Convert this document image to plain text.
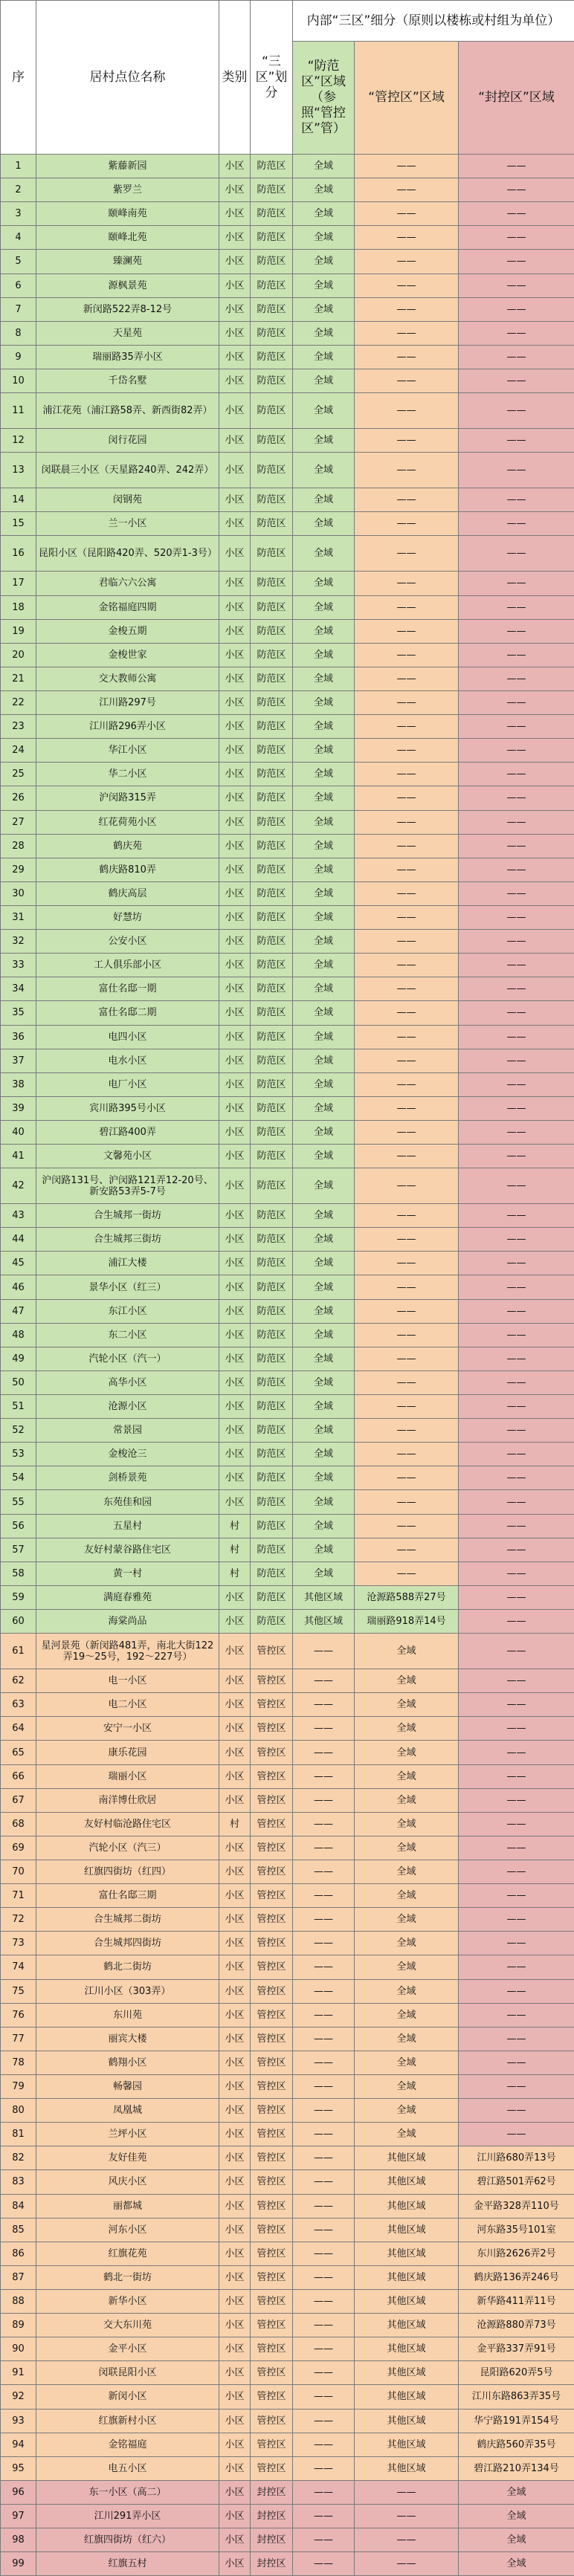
序	居村点位名称	类别	“三区”划分	内部“三区”细分（原则以楼栋或村组为单位）		
				“防范区”区域（参照“管控区”管）	“管控区”区域	“封控区”区域
1	紫藤新园	小区	防范区	全域	——	——
2	紫罗兰	小区	防范区	全域	——	——
3	颐峰南苑	小区	防范区	全域	——	——
4	颐峰北苑	小区	防范区	全域	——	——
5	臻澜苑	小区	防范区	全域	——	——
6	源枫景苑	小区	防范区	全域	——	——
7	新闵路522弄8-12号	小区	防范区	全域	——	——
8	天星苑	小区	防范区	全域	——	——
9	瑞丽路35弄小区	小区	防范区	全域	——	——
10	千岱名墅	小区	防范区	全域	——	——
11	浦江花苑（浦江路58弄、新西街82弄）	小区	防范区	全域	——	——
12	闵行花园	小区	防范区	全域	——	——
13	闵联晨三小区（天星路240弄、242弄）	小区	防范区	全域	——	——
14	闵钢苑	小区	防范区	全域	——	——
15	兰一小区	小区	防范区	全域	——	——
16	昆阳小区（昆阳路420弄、520弄1-3号）	小区	防范区	全域	——	——
17	君临六六公寓	小区	防范区	全域	——	——
18	金铭福庭四期	小区	防范区	全域	——	——
19	金梭五期	小区	防范区	全域	——	——
20	金梭世家	小区	防范区	全域	——	——
21	交大教师公寓	小区	防范区	全域	——	——
22	江川路297号	小区	防范区	全域	——	——
23	江川路296弄小区	小区	防范区	全域	——	——
24	华江小区	小区	防范区	全域	——	——
25	华二小区	小区	防范区	全域	——	——
26	沪闵路315弄	小区	防范区	全域	——	——
27	红花荷苑小区	小区	防范区	全域	——	——
28	鹤庆苑	小区	防范区	全域	——	——
29	鹤庆路810弄	小区	防范区	全域	——	——
30	鹤庆高层	小区	防范区	全域	——	——
31	好慧坊	小区	防范区	全域	——	——
32	公安小区	小区	防范区	全域	——	——
33	工人俱乐部小区	小区	防范区	全域	——	——
34	富仕名邸一期	小区	防范区	全域	——	——
35	富仕名邸二期	小区	防范区	全域	——	——
36	电四小区	小区	防范区	全域	——	——
37	电水小区	小区	防范区	全域	——	——
38	电厂小区	小区	防范区	全域	——	——
39	宾川路395号小区	小区	防范区	全域	——	——
40	碧江路400弄	小区	防范区	全域	——	——
41	文馨苑小区	小区	防范区	全域	——	——
42	沪闵路131号、沪闵路121弄12-20号、新安路53弄5-7号	小区	防范区	全域	——	——
43	合生城邦一街坊	小区	防范区	全域	——	——
44	合生城邦三街坊	小区	防范区	全域	——	——
45	浦江大楼	小区	防范区	全域	——	——
46	景华小区（红三）	小区	防范区	全域	——	——
47	东江小区	小区	防范区	全域	——	——
48	东二小区	小区	防范区	全域	——	——
49	汽轮小区（汽一）	小区	防范区	全域	——	——
50	高华小区	小区	防范区	全域	——	——
51	沧源小区	小区	防范区	全域	——	——
52	常景园	小区	防范区	全域	——	——
53	金梭沧三	小区	防范区	全域	——	——
54	剑桥景苑	小区	防范区	全域	——	——
55	东苑佳和园	小区	防范区	全域	——	——
56	五星村	村	防范区	全域	——	——
57	友好村蒙谷路住宅区	村	防范区	全域	——	——
58	黄一村	村	防范区	全域	——	——
59	满庭春雅苑	小区	防范区	其他区域	沧源路588弄27号	——
60	海棠尚品	小区	防范区	其他区域	瑞丽路918弄14号	——
61	星河景苑（新闵路481弄，南北大街122弄19～25号，192～227号）	小区	管控区	——	全域	——
62	电一小区	小区	管控区	——	全域	——
63	电二小区	小区	管控区	——	全域	——
64	安宁一小区	小区	管控区	——	全域	——
65	康乐花园	小区	管控区	——	全域	——
66	瑞丽小区	小区	管控区	——	全域	——
67	南洋博仕欣居	小区	管控区	——	全域	——
68	友好村临沧路住宅区	村	管控区	——	全域	——
69	汽轮小区（汽三）	小区	管控区	——	全域	——
70	红旗四街坊（红四）	小区	管控区	——	全域	——
71	富仕名邸三期	小区	管控区	——	全域	——
72	合生城邦二街坊	小区	管控区	——	全域	——
73	合生城邦四街坊	小区	管控区	——	全域	——
74	鹤北二街坊	小区	管控区	——	全域	——
75	江川小区（303弄）	小区	管控区	——	全域	——
76	东川苑	小区	管控区	——	全域	——
77	丽宾大楼	小区	管控区	——	全域	——
78	鹤翔小区	小区	管控区	——	全域	——
79	畅馨园	小区	管控区	——	全域	——
80	凤凰城	小区	管控区	——	全域	——
81	兰坪小区	小区	管控区	——	全域	——
82	友好佳苑	小区	管控区	——	其他区域	江川路680弄13号
83	风庆小区	小区	管控区	——	其他区域	碧江路501弄62号
84	丽都城	小区	管控区	——	其他区域	金平路328弄110号
85	河东小区	小区	管控区	——	其他区域	河东路35号101室
86	红旗花苑	小区	管控区	——	其他区域	东川路2626弄2号
87	鹤北一街坊	小区	管控区	——	其他区域	鹤庆路136弄246号
88	新华小区	小区	管控区	——	其他区域	新华路411弄11号
89	交大东川苑	小区	管控区	——	其他区域	沧源路880弄73号
90	金平小区	小区	管控区	——	其他区域	金平路337弄91号
91	闵联昆阳小区	小区	管控区	——	其他区域	昆阳路620弄5号
92	新闵小区	小区	管控区	——	其他区域	江川东路863弄35号
93	红旗新村小区	小区	管控区	——	其他区域	华宁路191弄154号
94	金铭福庭	小区	管控区	——	其他区域	鹤庆路560弄35号
95	电五小区	小区	管控区	——	其他区域	碧江路210弄134号
96	东一小区（高二）	小区	封控区	——	——	全域
97	江川291弄小区	小区	封控区	——	——	全域
98	红旗四街坊（红六）	小区	封控区	——	——	全域
99	红旗五村	小区	封控区	——	——	全域
